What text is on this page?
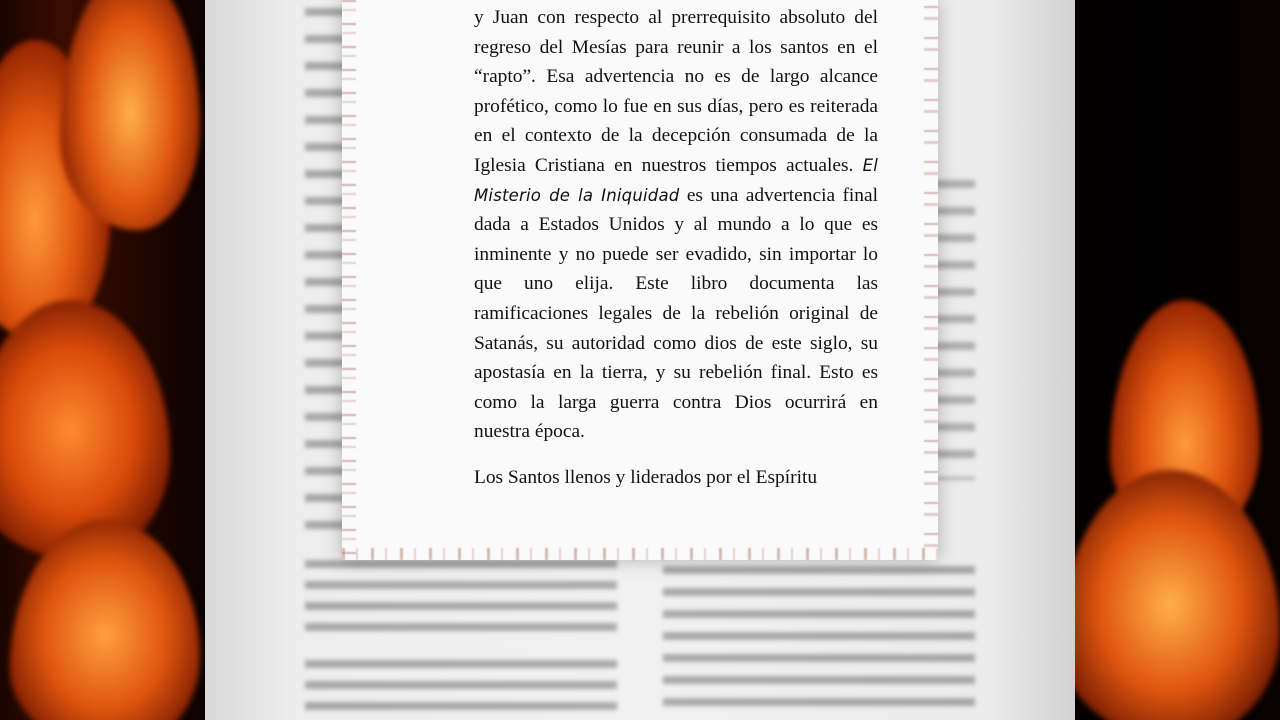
y Juan con respecto al prerrequisito absoluto del regreso del Mesías para reunir a los santos en el “rapto”. Esa advertencia no es de largo alcance profético, como lo fue en sus días, pero es reiterada en el contexto de la decepción consumada de la Iglesia Cristiana en nuestros tiempos actuales. El Misterio de la Iniquidad es una advertencia final dada a Estados Unidos y al mundo a lo que es inminente y no puede ser evadido, sin importar lo que uno elija. Este libro documenta las ramificaciones legales de la rebelión original de Satanás, su autoridad como dios de este siglo, su apostasía en la tierra, y su rebelión final. Esto es como la larga guerra contra Dios ocurrirá en nuestra época.

Los Santos llenos y liderados por el Espíritu
